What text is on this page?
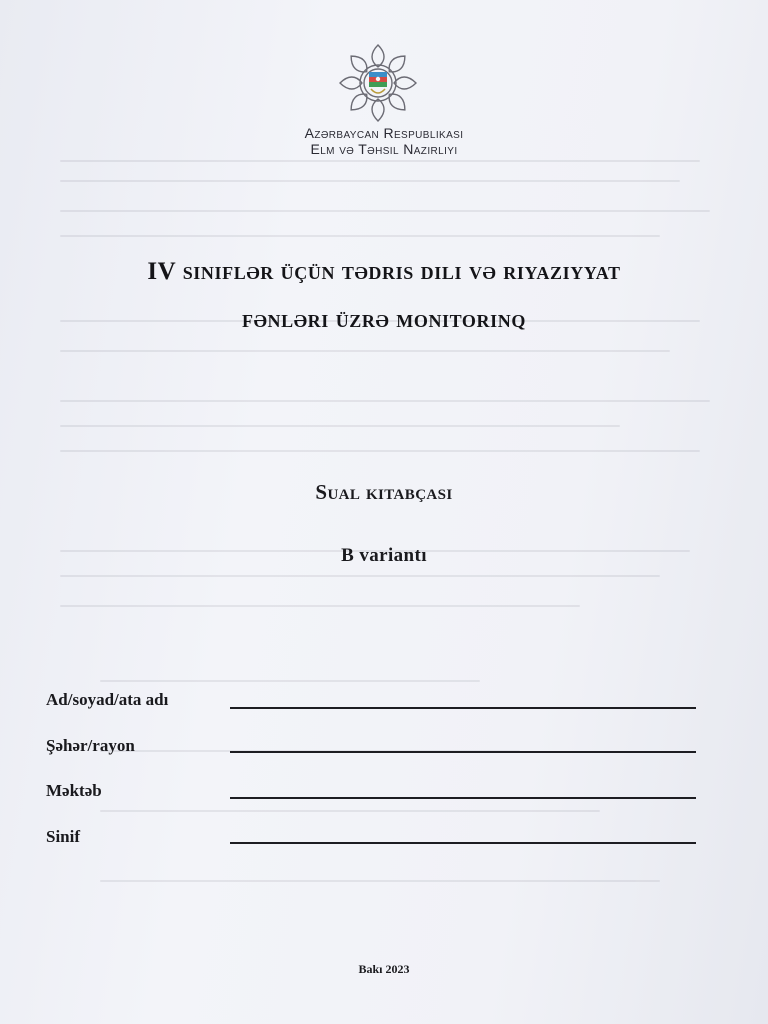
Azərbaycan Respublikası
Elm və Təhsil Nazirliyi
IV siniflər üçün tədris dili və riyaziyyat
fənləri üzrə monitorinq
Sual kitabçası
B variantı
Ad/soyad/ata adı
Şəhər/rayon
Məktəb
Sinif
Bakı 2023
